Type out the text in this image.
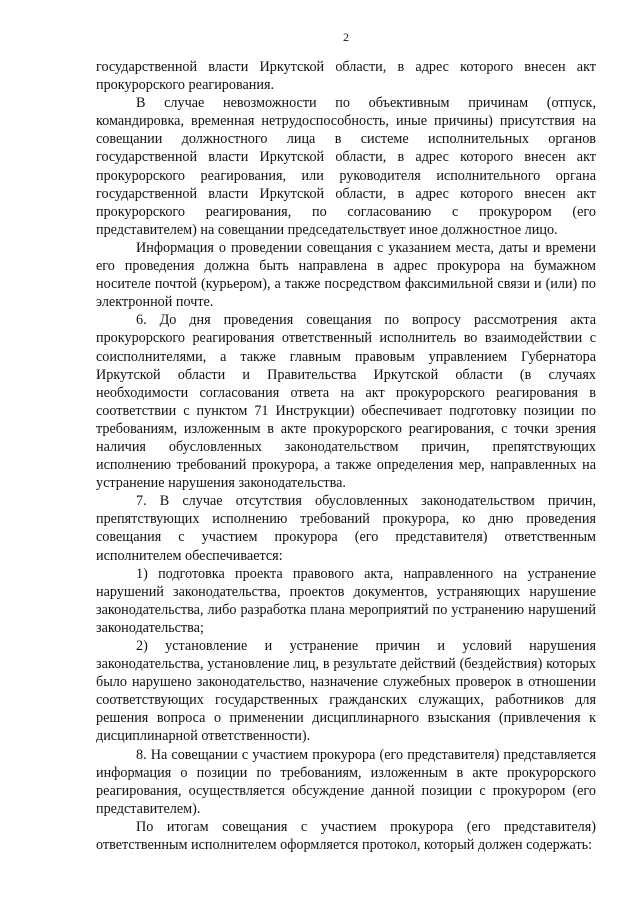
2

государственной власти Иркутской области, в адрес которого внесен акт прокурорского реагирования.

В случае невозможности по объективным причинам (отпуск, командировка, временная нетрудоспособность, иные причины) присутствия на совещании должностного лица в системе исполнительных органов государственной власти Иркутской области, в адрес которого внесен акт прокурорского реагирования, или руководителя исполнительного органа государственной власти Иркутской области, в адрес которого внесен акт прокурорского реагирования, по согласованию с прокурором (его представителем) на совещании председательствует иное должностное лицо.

Информация о проведении совещания с указанием места, даты и времени его проведения должна быть направлена в адрес прокурора на бумажном носителе почтой (курьером), а также посредством факсимильной связи и (или) по электронной почте.

6. До дня проведения совещания по вопросу рассмотрения акта прокурорского реагирования ответственный исполнитель во взаимодействии с соисполнителями, а также главным правовым управлением Губернатора Иркутской области и Правительства Иркутской области (в случаях необходимости согласования ответа на акт прокурорского реагирования в соответствии с пунктом 71 Инструкции) обеспечивает подготовку позиции по требованиям, изложенным в акте прокурорского реагирования, с точки зрения наличия обусловленных законодательством причин, препятствующих исполнению требований прокурора, а также определения мер, направленных на устранение нарушения законодательства.

7. В случае отсутствия обусловленных законодательством причин, препятствующих исполнению требований прокурора, ко дню проведения совещания с участием прокурора (его представителя) ответственным исполнителем обеспечивается:

1) подготовка проекта правового акта, направленного на устранение нарушений законодательства, проектов документов, устраняющих нарушение законодательства, либо разработка плана мероприятий по устранению нарушений законодательства;

2) установление и устранение причин и условий нарушения законодательства, установление лиц, в результате действий (бездействия) которых было нарушено законодательство, назначение служебных проверок в отношении соответствующих государственных гражданских служащих, работников для решения вопроса о применении дисциплинарного взыскания (привлечения к дисциплинарной ответственности).

8. На совещании с участием прокурора (его представителя) представляется информация о позиции по требованиям, изложенным в акте прокурорского реагирования, осуществляется обсуждение данной позиции с прокурором (его представителем).

По итогам совещания с участием прокурора (его представителя) ответственным исполнителем оформляется протокол, который должен содержать:
